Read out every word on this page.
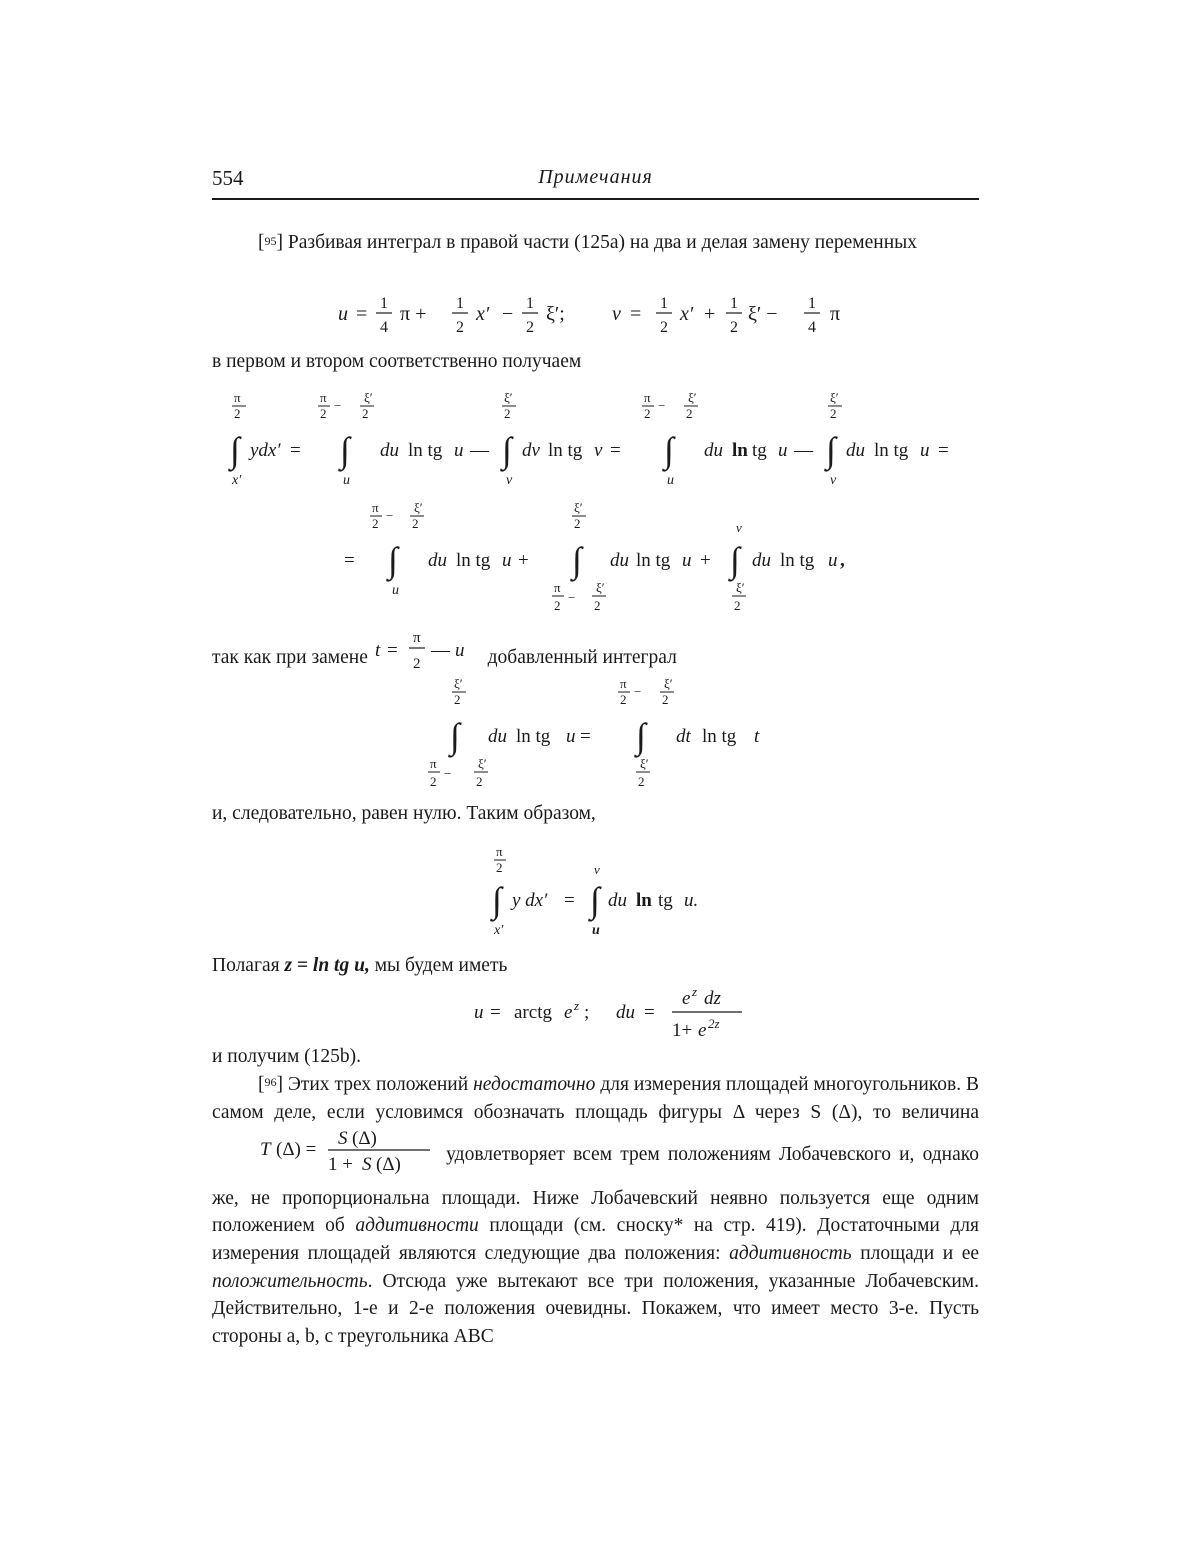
554	Примечания
[95] Разбивая интеграл в правой части (125а) на два и делая замену переменных
u = 1
4
π + 1
2
x′ − 1
2
ξ′; v = 1
2
x′ + 1
2
ξ′ − 1
4
π
в первом и втором соответственно получаем
π
2
∫
x′
ydx′ =
π
2
−
ξ′
2
∫
u
du ln tg u —
ξ′
2
∫
v
dv ln tg v =
π
2
−
ξ′
2
∫
u
du ln tg u —
ξ′
2
∫
v
du ln tg u =
π
2
−
ξ′
2
= ∫
u
du ln tg u +
ξ′
2
∫
π
2
−
ξ′
2
du ln tg u +
v
∫
ξ′
2
du ln tg u ,
так как при замене t =
π
2
— u добавленный интеграл
ξ′
2
∫
π
2
−
ξ′
2
du ln tg u =
π
2
−
ξ′
2
∫
ξ′
2
dt ln tg t
и, следовательно, равен нулю. Таким образом,
π
2
∫
x′
y dx′ =
v
∫
u
du ln tg u.
Полагая z = ln tg u, мы будем иметь
u = arctg e z ; du =
e z dz
1+ e 2z
и получим (125b).
[96] Этих трех положений недостаточно для измерения площадей многоугольников. В самом деле, если условимся обозначать площадь фигуры Δ через S (Δ), то величина
T (Δ) =
S (Δ)
1 + S (Δ) удовлетворяет всем трем положениям Лобачевского и, однако же, не пропорциональна площади. Ниже Лобачевский неявно пользуется еще одним положением об аддитивности площади (см. сноску* на стр. 419). Достаточными для измерения площадей являются следующие два положения: аддитивность площади и ее положительность. Отсюда уже вытекают все три положения, указанные Лобачевским. Действительно, 1-е и 2-е положения очевидны. Покажем, что имеет место 3-е. Пусть стороны a, b, c треугольника ABC
